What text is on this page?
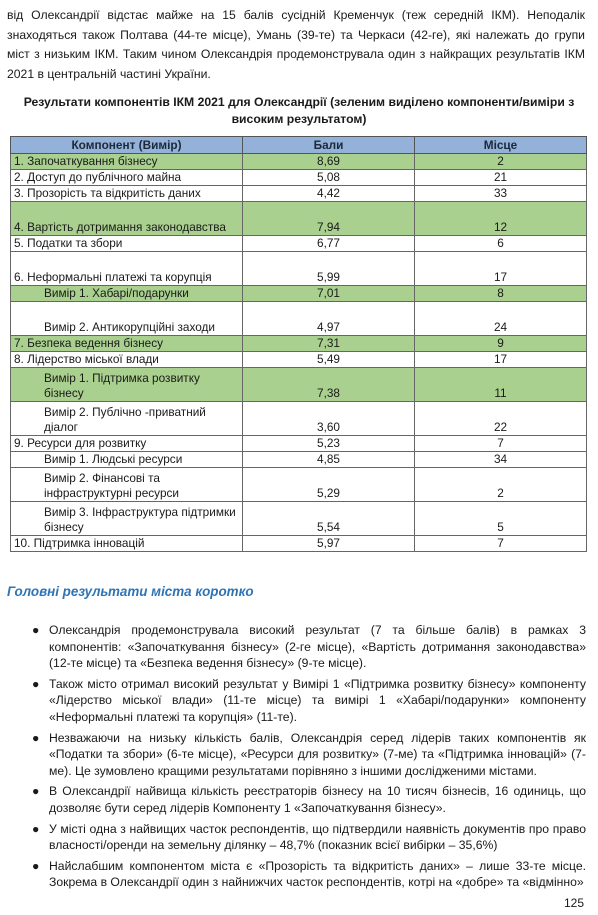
від Олександрії відстає майже на 15 балів сусідній Кременчук (теж середній ІКМ). Неподалік знаходяться також Полтава (44-те місце), Умань (39-те) та Черкаси (42-ге), які належать до групи міст з низьким ІКМ. Таким чином Олександрія продемонструвала один з найкращих результатів ІКМ 2021 в центральній частині України.
Результати компонентів ІКМ 2021 для Олександрії (зеленим виділено компоненти/виміри з високим результатом)
Компонент (Вимір)	Бали	Місце
1. Започаткування бізнесу	8,69	2
2. Доступ до публічного майна	5,08	21
3. Прозорість та відкритість даних	4,42	33
4. Вартість дотримання законодавства	7,94	12
5. Податки та збори	6,77	6
6. Неформальні платежі та корупція	5,99	17
Вимір 1. Хабарі/подарунки	7,01	8
Вимір 2. Антикорупційні заходи	4,97	24
7. Безпека ведення бізнесу	7,31	9
8. Лідерство міської влади	5,49	17
Вимір 1. Підтримка розвитку бізнесу	7,38	11
Вимір 2. Публічно -приватний діалог	3,60	22
9. Ресурси для розвитку	5,23	7
Вимір 1. Людські ресурси	4,85	34
Вимір 2. Фінансові та інфраструктурні ресурси	5,29	2
Вимір 3. Інфраструктура підтримки бізнесу	5,54	5
10. Підтримка інновацій	5,97	7
Головні результати міста коротко
● Олександрія продемонструвала високий результат (7 та більше балів) в рамках 3 компонентів: «Започаткування бізнесу» (2-ге місце), «Вартість дотримання законодавства» (12-те місце) та «Безпека ведення бізнесу» (9-те місце).
● Також місто отримал високий результат у Вимірі 1 «Підтримка розвитку бізнесу» компоненту «Лідерство міської влади» (11-те місце) та вимірі 1 «Хабарі/подарунки» компоненту «Неформальні платежі та корупція» (11-те).
● Незважаючи на низьку кількість балів, Олександрія серед лідерів таких компонентів як «Податки та збори» (6-те місце), «Ресурси для розвитку» (7-ме) та «Підтримка інновацій» (7-ме). Це зумовлено кращими результатами порівняно з іншими дослідженими містами.
● В Олександрії найвища кількість реєстраторів бізнесу на 10 тисяч бізнесів, 16 одиниць, що дозволяє бути серед лідерів Компоненту 1 «Започаткування бізнесу».
● У місті одна з найвищих часток респондентів, що підтвердили наявність документів про право власності/оренди на земельну ділянку – 48,7% (показник всієї вибірки – 35,6%)
● Найслабшим компонентом міста є «Прозорість та відкритість даних» – лише 33-те місце. Зокрема в Олександрії один з найнижчих часток респондентів, котрі на «добре» та «відмінно»
125
